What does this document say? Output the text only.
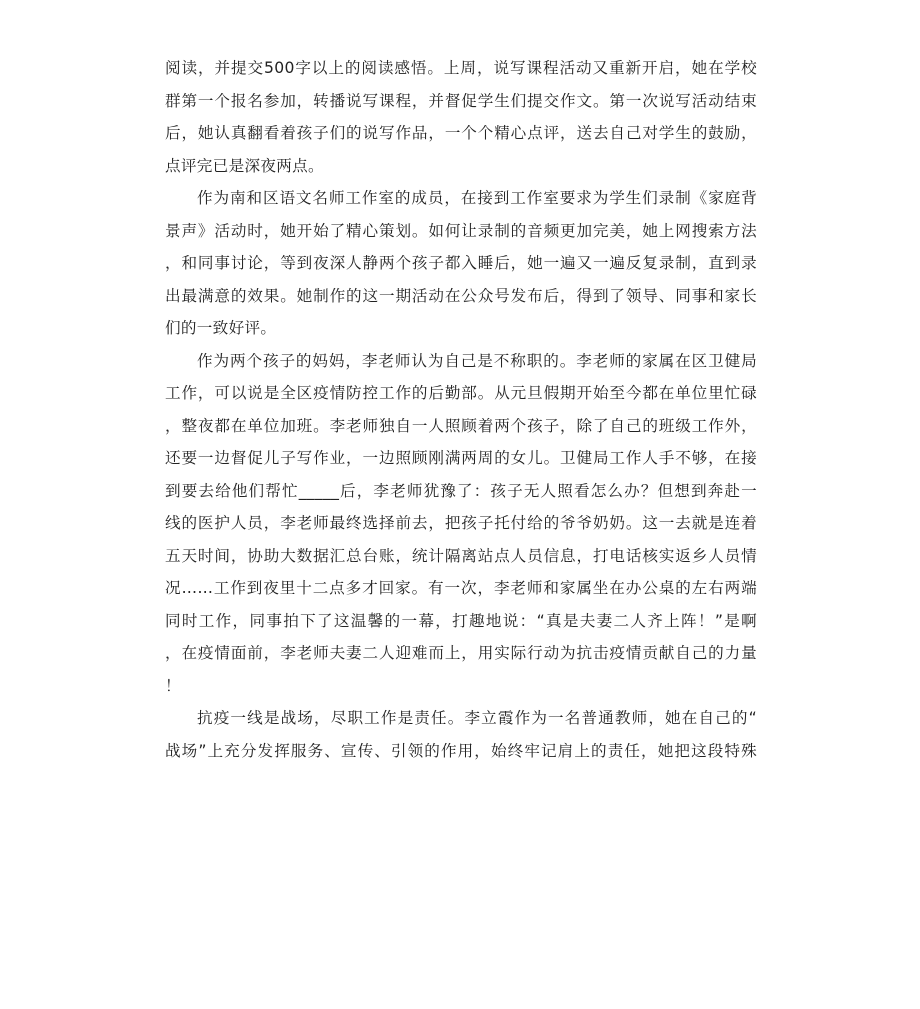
阅读，并提交500字以上的阅读感悟。上周，说写课程活动又重新开启，她在学校
群第一个报名参加，转播说写课程，并督促学生们提交作文。第一次说写活动结束
后，她认真翻看着孩子们的说写作品，一个个精心点评，送去自己对学生的鼓励，
点评完已是深夜两点。
作为南和区语文名师工作室的成员，在接到工作室要求为学生们录制《家庭背
景声》活动时，她开始了精心策划。如何让录制的音频更加完美，她上网搜索方法
，和同事讨论，等到夜深人静两个孩子都入睡后，她一遍又一遍反复录制，直到录
出最满意的效果。她制作的这一期活动在公众号发布后，得到了领导、同事和家长
们的一致好评。
作为两个孩子的妈妈，李老师认为自己是不称职的。李老师的家属在区卫健局
工作，可以说是全区疫情防控工作的后勤部。从元旦假期开始至今都在单位里忙碌
，整夜都在单位加班。李老师独自一人照顾着两个孩子，除了自己的班级工作外，
还要一边督促儿子写作业，一边照顾刚满两周的女儿。卫健局工作人手不够，在接
到要去给他们帮忙_____后，李老师犹豫了：孩子无人照看怎么办？但想到奔赴一
线的医护人员，李老师最终选择前去，把孩子托付给的爷爷奶奶。这一去就是连着
五天时间，协助大数据汇总台账，统计隔离站点人员信息，打电话核实返乡人员情
况……工作到夜里十二点多才回家。有一次，李老师和家属坐在办公桌的左右两端
同时工作，同事拍下了这温馨的一幕，打趣地说：“真是夫妻二人齐上阵！”是啊
，在疫情面前，李老师夫妻二人迎难而上，用实际行动为抗击疫情贡献自己的力量
！
抗疫一线是战场，尽职工作是责任。李立霞作为一名普通教师，她在自己的“
战场”上充分发挥服务、宣传、引领的作用，始终牢记肩上的责任，她把这段特殊
